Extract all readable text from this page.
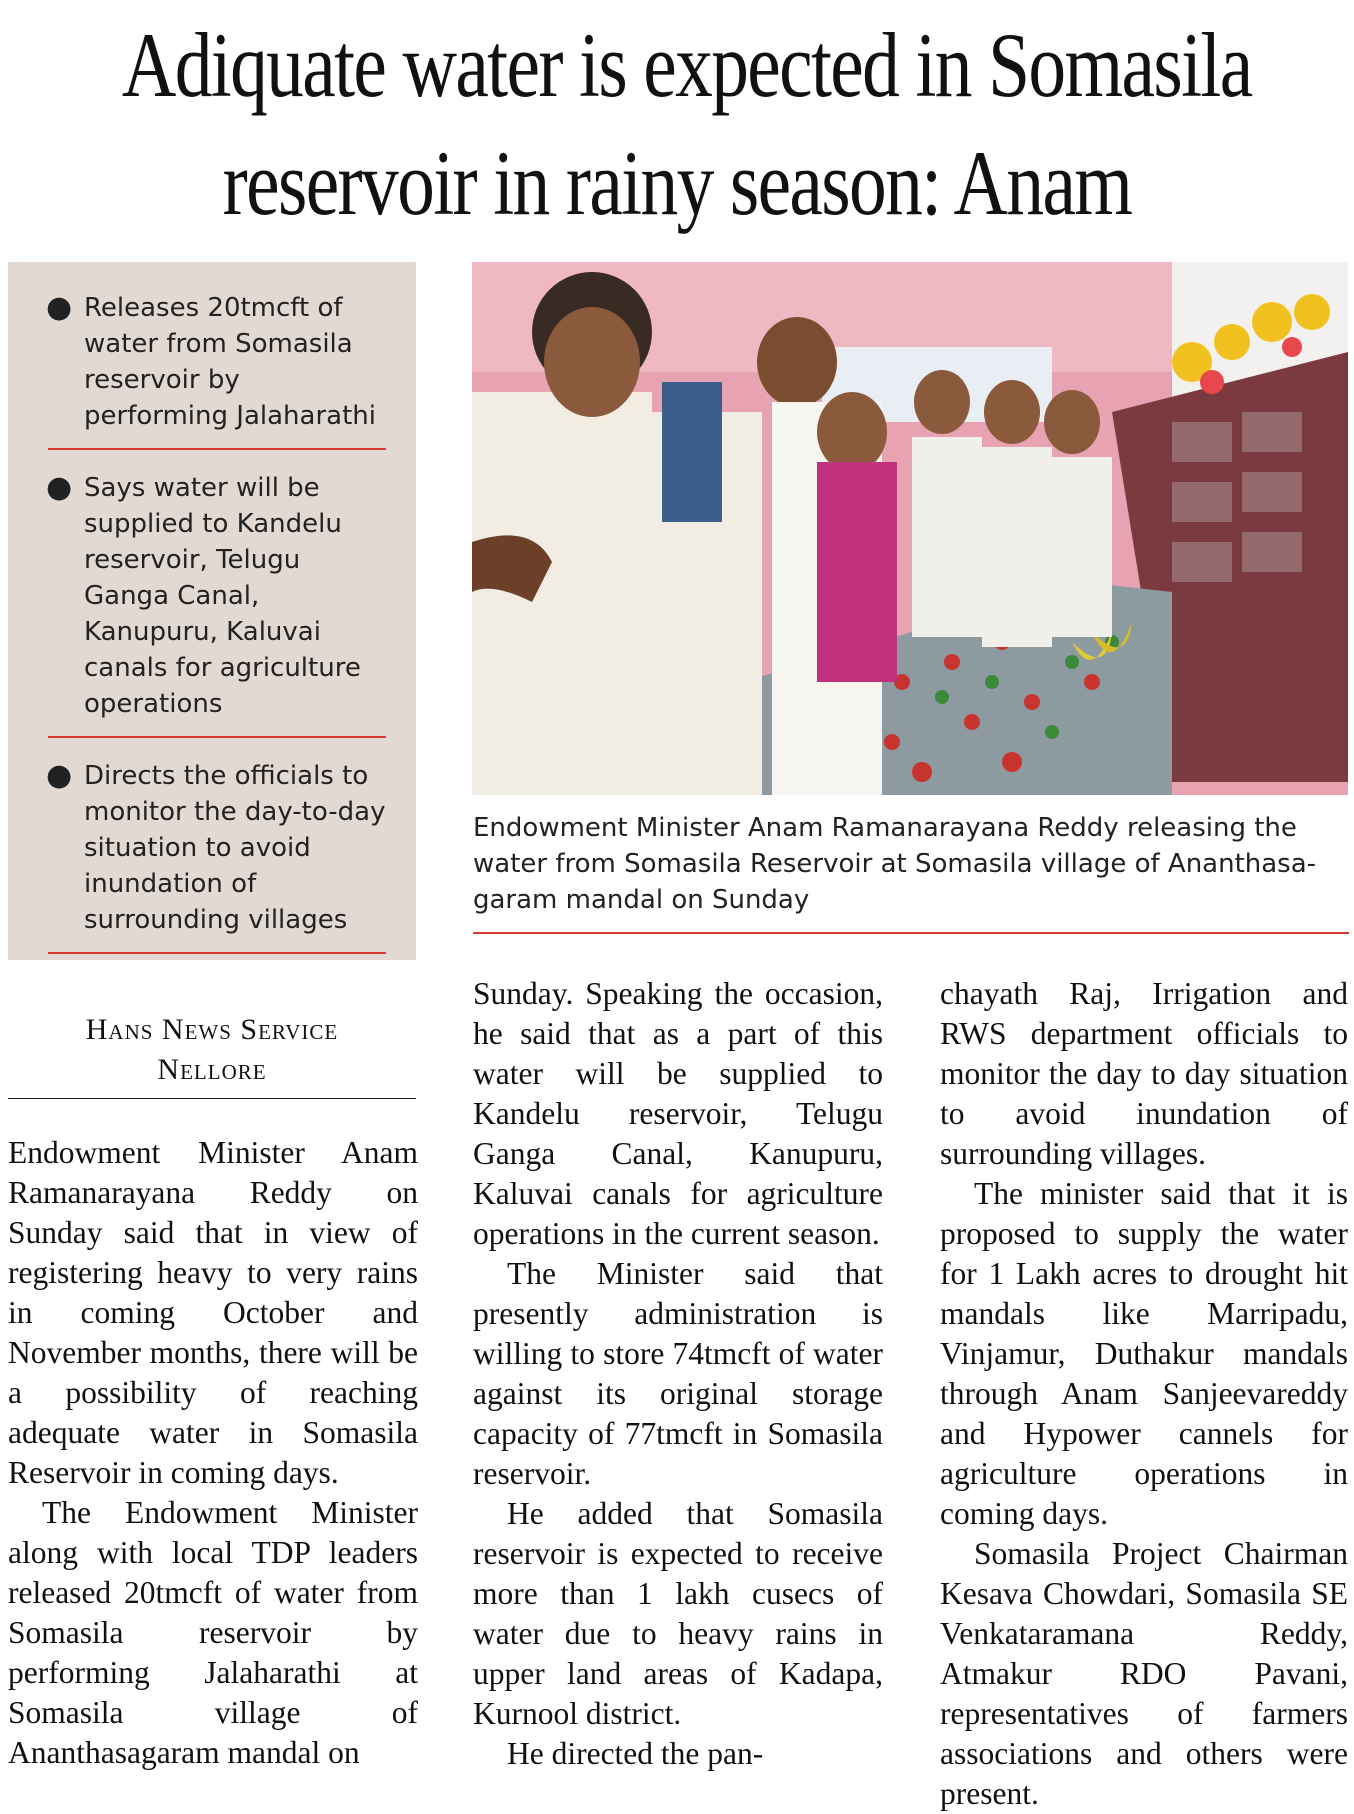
Adiquate water is expected in Somasila
reservoir in rainy season: Anam
● Releases 20tmcft of water from Somasila reservoir by performing Jalaharathi
● Says water will be supplied to Kandelu reservoir, Telugu Ganga Canal, Kanupuru, Kaluvai canals for agriculture operations
● Directs the officials to monitor the day-to-day situation to avoid inundation of surrounding villages
Endowment Minister Anam Ramanarayana Reddy releasing the water from Somasila Reservoir at Somasila village of Ananthasa-garam mandal on Sunday
Hans News Service
Nellore

Endowment Minister Anam Ramanarayana Reddy on Sunday said that in view of registering heavy to very rains in coming October and November months, there will be a possibility of reaching adequate water in Somasila Reservoir in coming days.

The Endowment Minister along with local TDP leaders released 20tmcft of water from Somasila reservoir by performing Jalaharathi at Somasila village of Ananthasagaram mandal on

Sunday. Speaking the occasion, he said that as a part of this water will be supplied to Kandelu reservoir, Telugu Ganga Canal, Kanupuru, Kaluvai canals for agriculture operations in the current season.

The Minister said that presently administration is willing to store 74tmcft of water against its original storage capacity of 77tmcft in Somasila reservoir.

He added that Somasila reservoir is expected to receive more than 1 lakh cusecs of water due to heavy rains in upper land areas of Kadapa, Kurnool district.

He directed the pan-

chayath Raj, Irrigation and RWS department officials to monitor the day to day situation to avoid inundation of surrounding villages.

The minister said that it is proposed to supply the water for 1 Lakh acres to drought hit mandals like Marripadu, Vinjamur, Duthakur mandals through Anam Sanjeevareddy and Hypower cannels for agriculture operations in coming days.

Somasila Project Chairman Kesava Chowdari, Somasila SE Venkataramana Reddy, Atmakur RDO Pavani, representatives of farmers associations and others were present.
